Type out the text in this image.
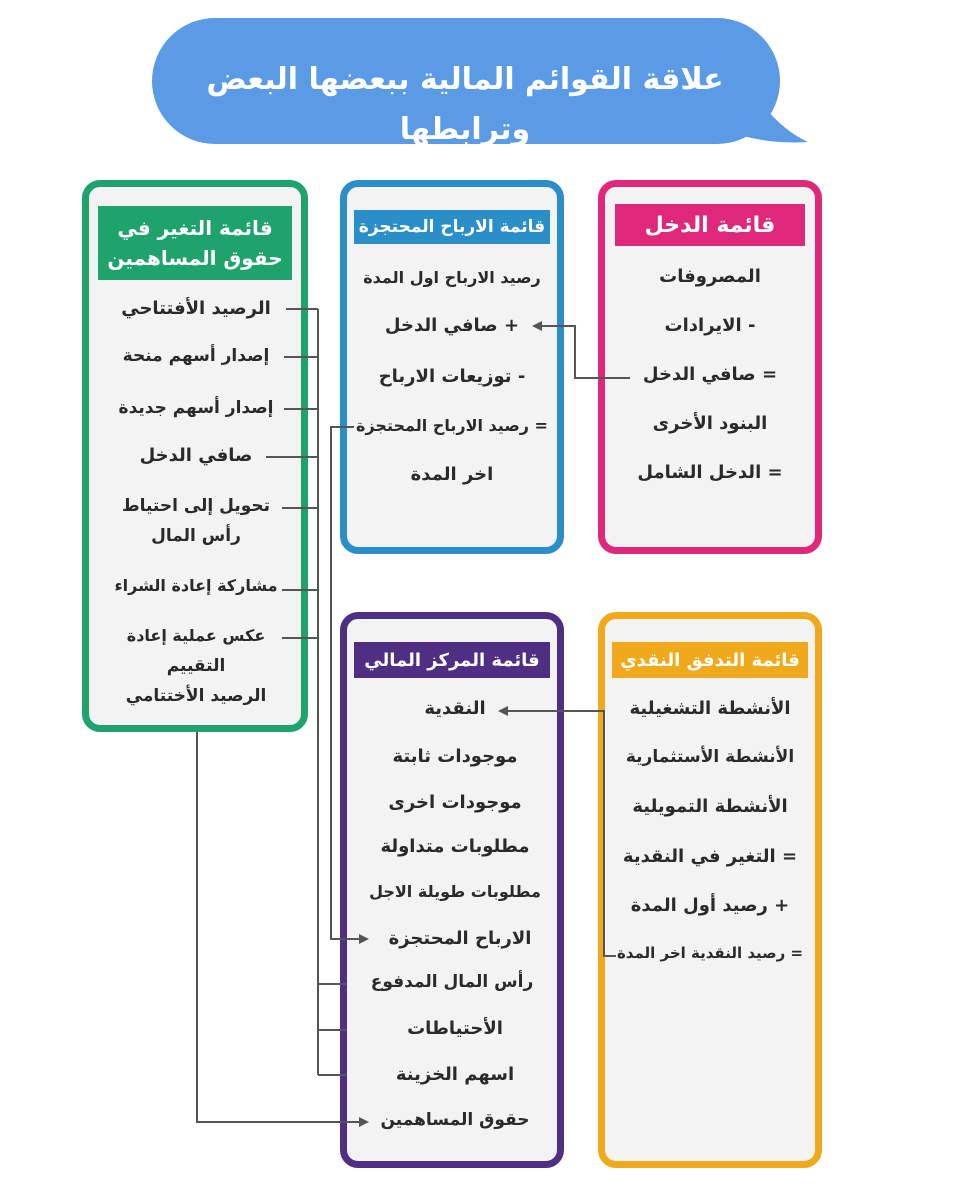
علاقة القوائم المالية ببعضها البعض وترابطها
قائمة الدخل
المصروفات
- الايرادات
= صافي الدخل
البنود الأخرى
= الدخل الشامل
قائمة الارباح المحتجزة
رصيد الارباح اول المدة
+ صافي الدخل
- توزيعات الارباح
= رصيد الارباح المحتجزة
اخر المدة
قائمة التغير في
حقوق المساهمين
الرصيد الأفتتاحي
إصدار أسهم منحة
إصدار أسهم جديدة
صافي الدخل
تحويل إلى احتياط
رأس المال
مشاركة إعادة الشراء
عكس عملية إعادة
التقييم
الرصيد الأختتامي
قائمة التدفق النقدي
الأنشطة التشغيلية
الأنشطة الأستثمارية
الأنشطة التمويلية
= التغير في النقدية
+ رصيد أول المدة
= رصيد النقدية اخر المدة
قائمة المركز المالي
النقدية
موجودات ثابتة
موجودات اخرى
مطلوبات متداولة
مطلوبات طويلة الاجل
الارباح المحتجزة
رأس المال المدفوع
الأحتياطات
اسهم الخزينة
حقوق المساهمين
